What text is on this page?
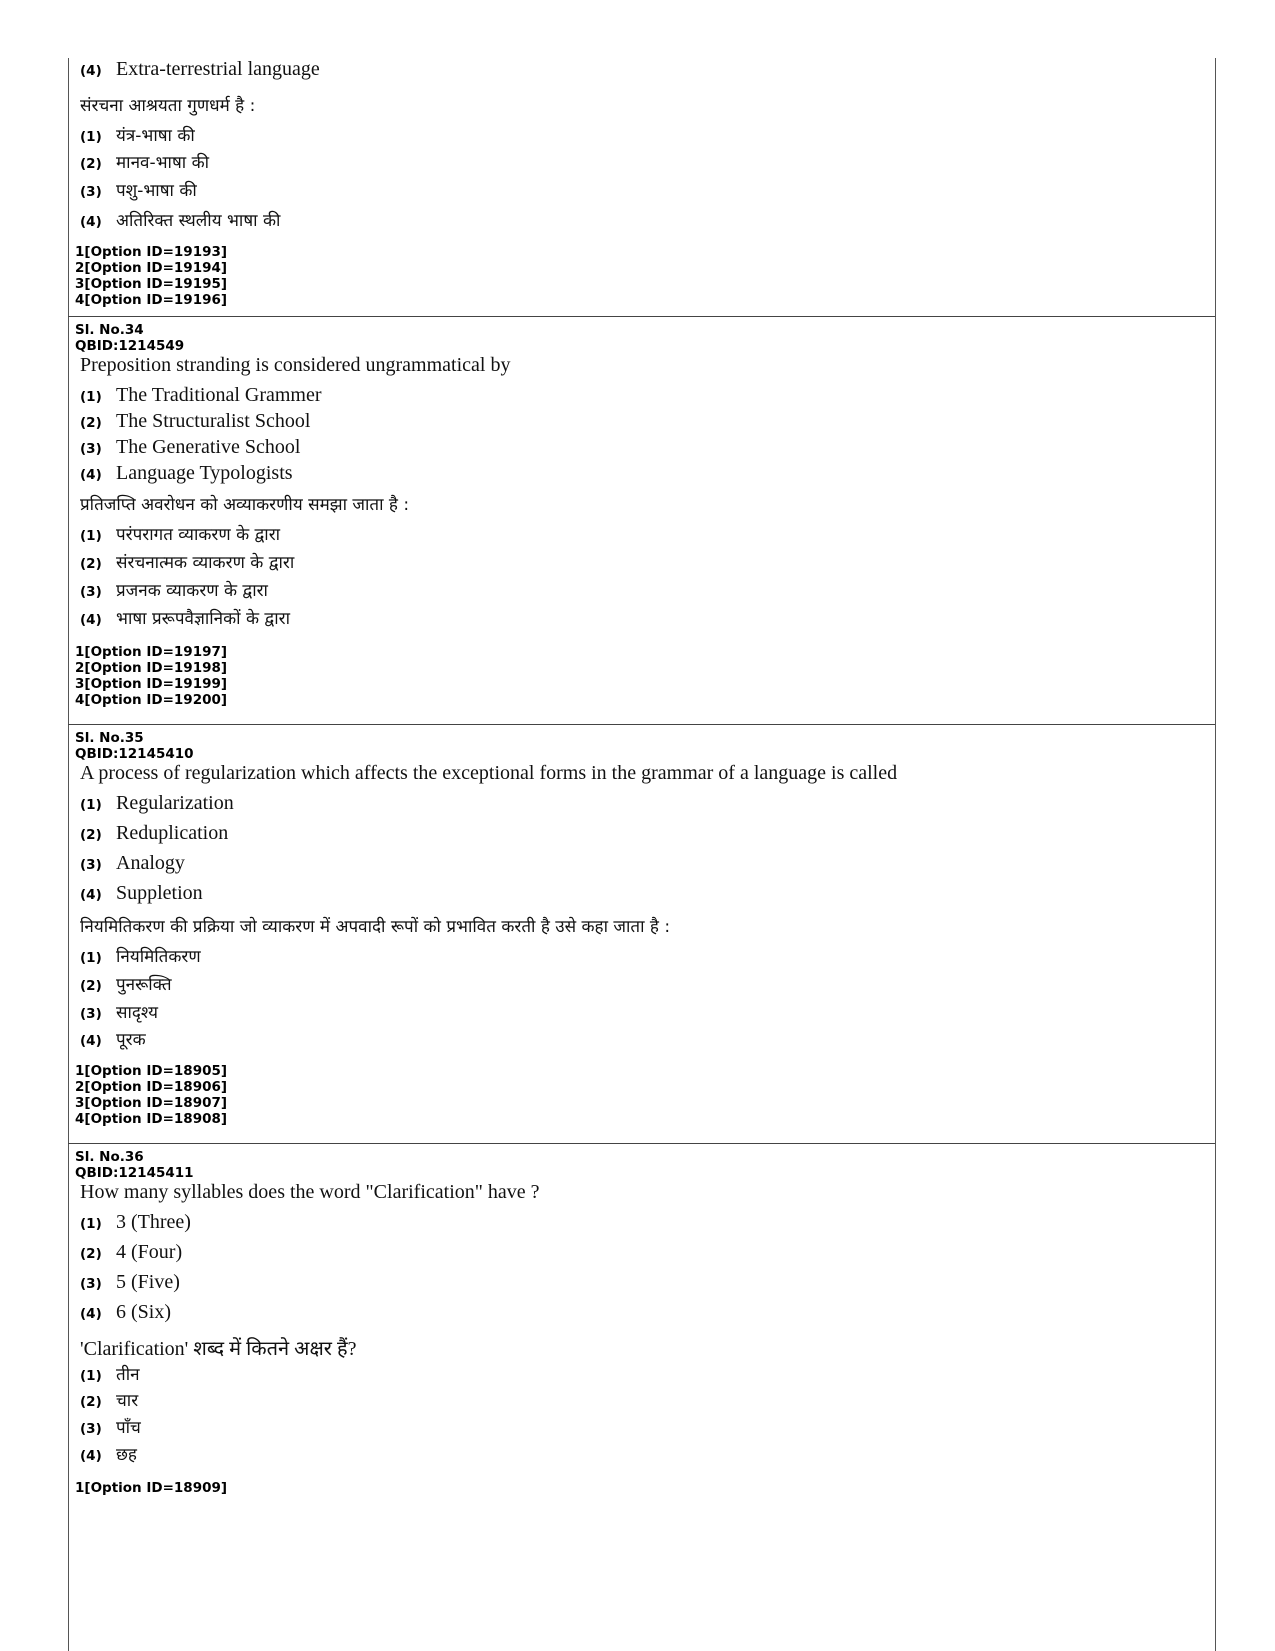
(4) Extra-terrestrial language
संरचना आश्रयता गुणधर्म है :
(1) यंत्र-भाषा की
(2) मानव-भाषा की
(3) पशु-भाषा की
(4) अतिरिक्त स्थलीय भाषा की
1[Option ID=19193]
2[Option ID=19194]
3[Option ID=19195]
4[Option ID=19196]
Sl. No.34
QBID:1214549
Preposition stranding is considered ungrammatical by
(1) The Traditional Grammer
(2) The Structuralist School
(3) The Generative School
(4) Language Typologists
प्रतिजप्ति अवरोधन को अव्याकरणीय समझा जाता है :
(1) परंपरागत व्याकरण के द्वारा
(2) संरचनात्मक व्याकरण के द्वारा
(3) प्रजनक व्याकरण के द्वारा
(4) भाषा प्ररूपवैज्ञानिकों के द्वारा
1[Option ID=19197]
2[Option ID=19198]
3[Option ID=19199]
4[Option ID=19200]
Sl. No.35
QBID:12145410
A process of regularization which affects the exceptional forms in the grammar of a language is called
(1) Regularization
(2) Reduplication
(3) Analogy
(4) Suppletion
नियमितिकरण की प्रक्रिया जो व्याकरण में अपवादी रूपों को प्रभावित करती है उसे कहा जाता है :
(1) नियमितिकरण
(2) पुनरूक्ति
(3) सादृश्य
(4) पूरक
1[Option ID=18905]
2[Option ID=18906]
3[Option ID=18907]
4[Option ID=18908]
Sl. No.36
QBID:12145411
How many syllables does the word "Clarification" have ?
(1) 3 (Three)
(2) 4 (Four)
(3) 5 (Five)
(4) 6 (Six)
'Clarification' शब्द में कितने अक्षर हैं?
(1) तीन
(2) चार
(3) पाँच
(4) छह
1[Option ID=18909]
